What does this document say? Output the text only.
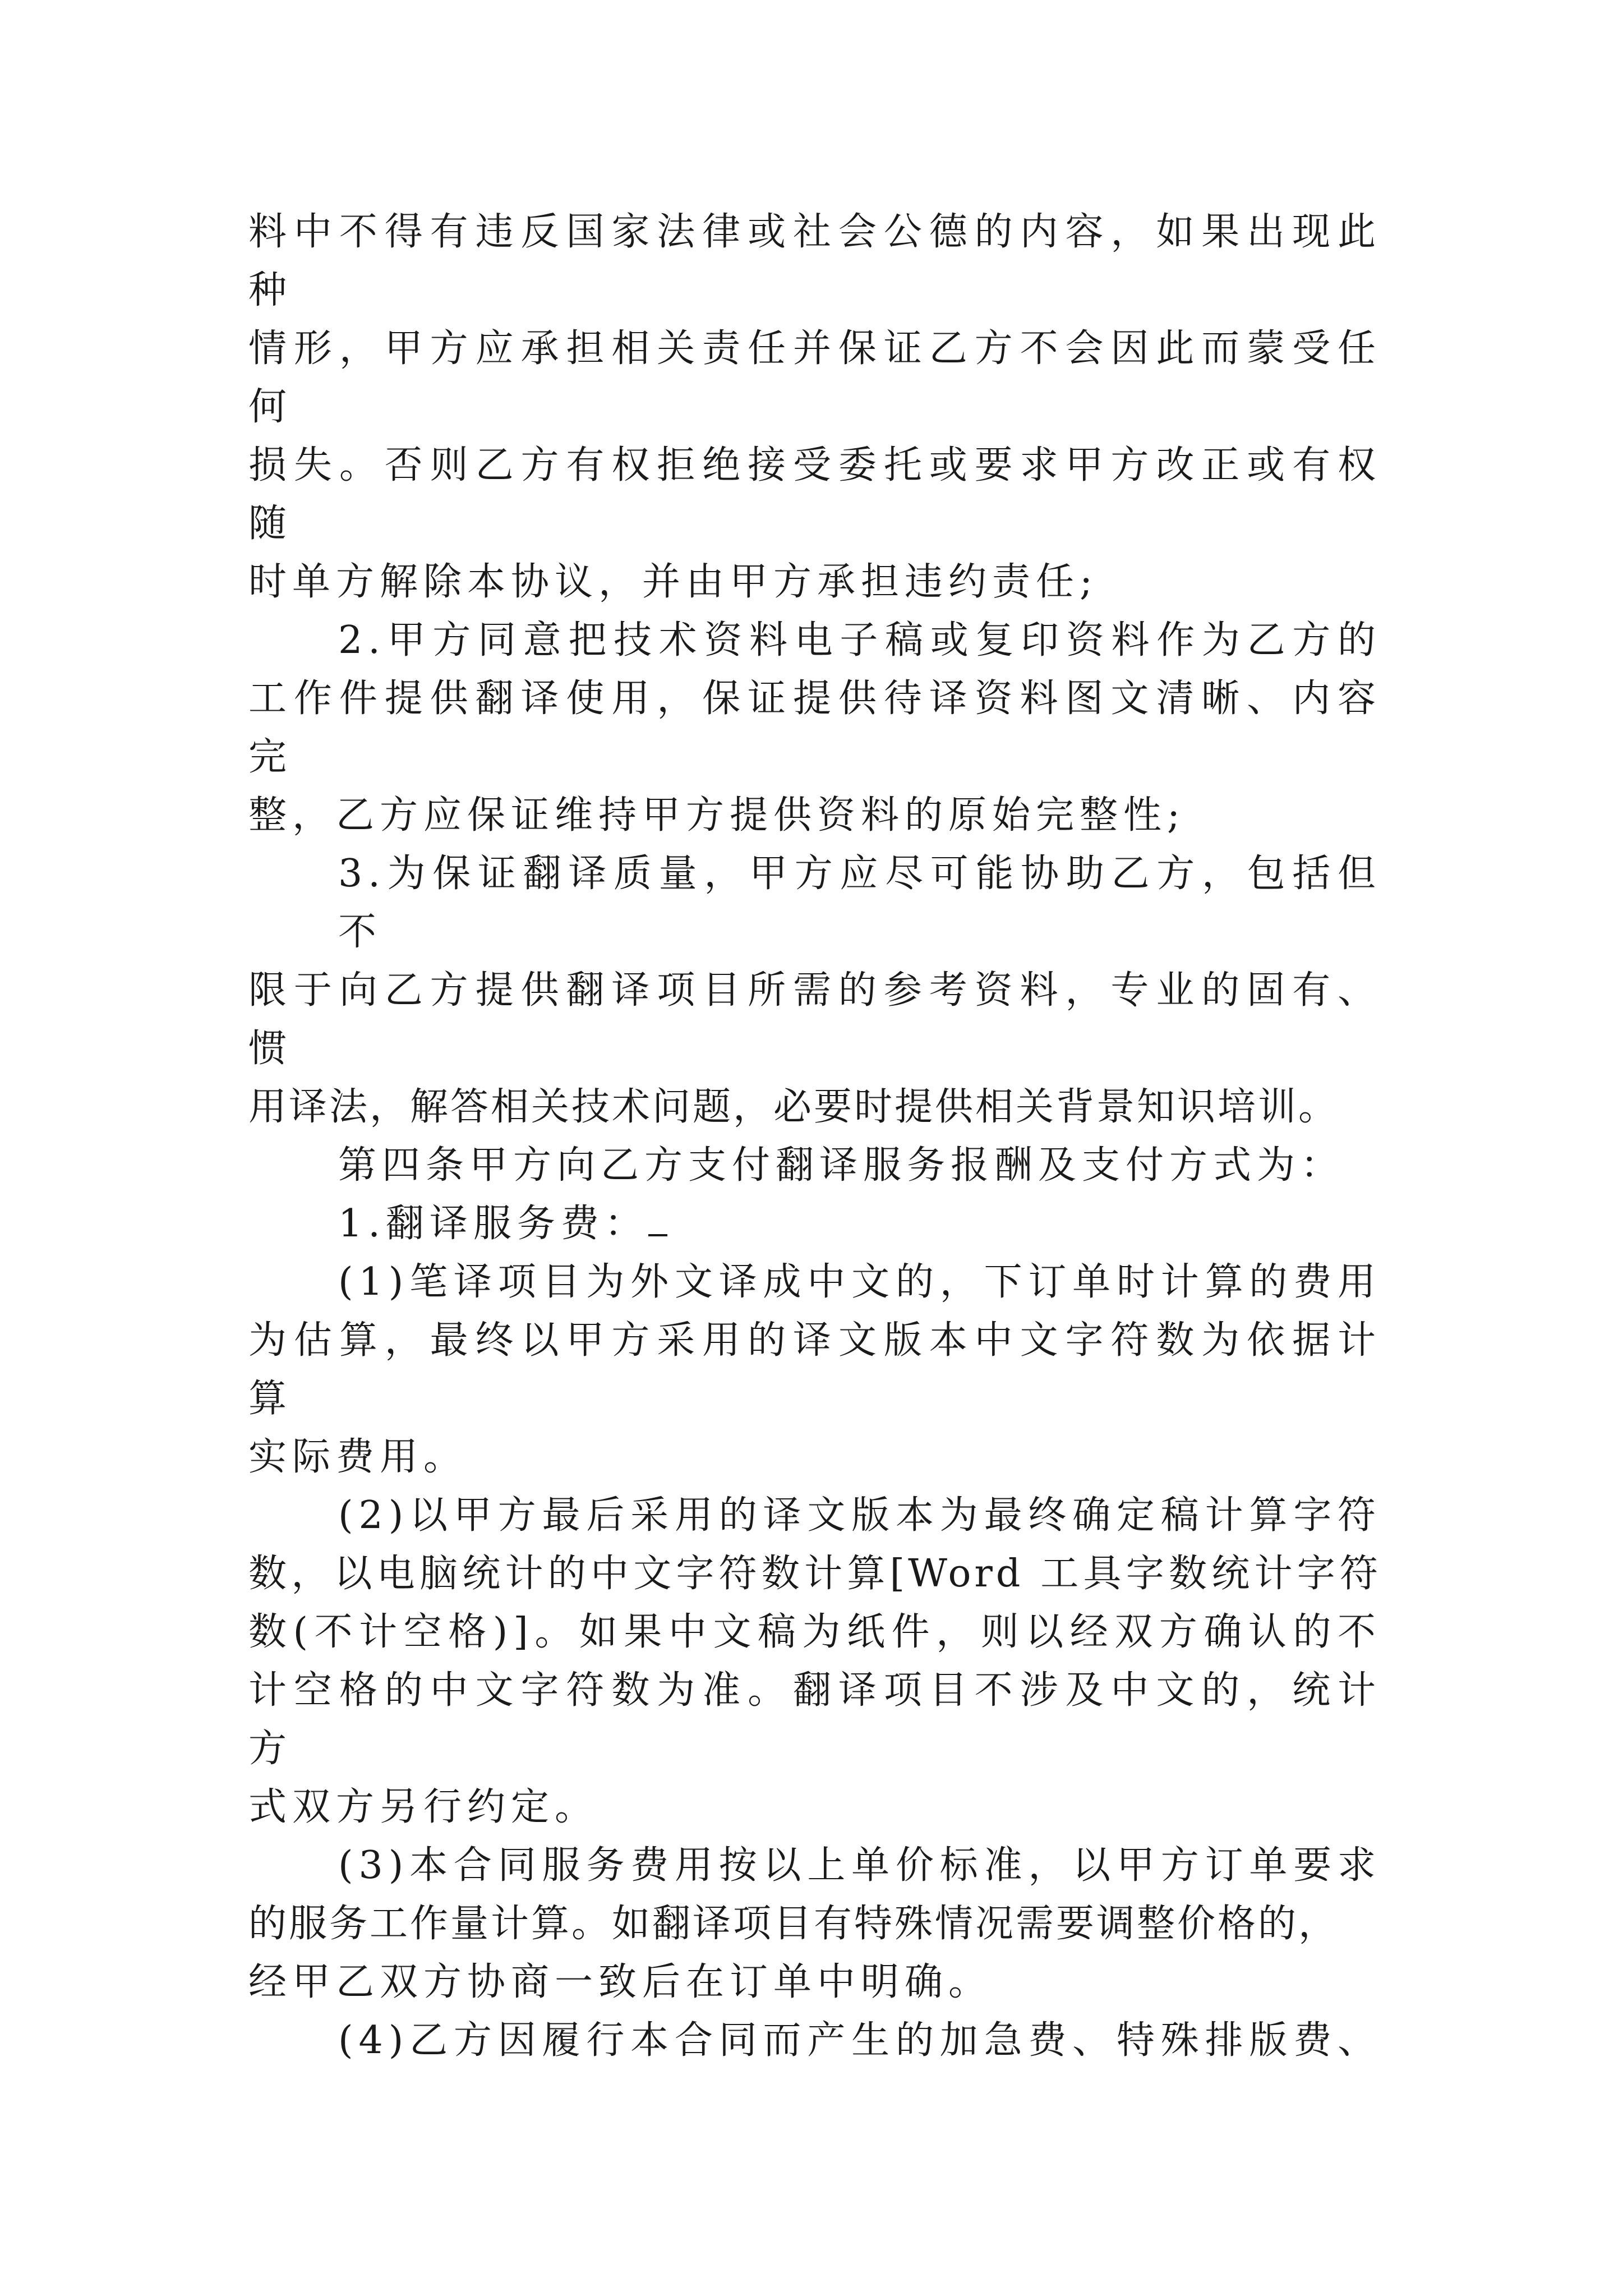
料中不得有违反国家法律或社会公德的内容，如果出现此种
情形，甲方应承担相关责任并保证乙方不会因此而蒙受任何
损失。否则乙方有权拒绝接受委托或要求甲方改正或有权随
时单方解除本协议，并由甲方承担违约责任;
2.甲方同意把技术资料电子稿或复印资料作为乙方的
工作件提供翻译使用，保证提供待译资料图文清晰、内容完
整，乙方应保证维持甲方提供资料的原始完整性;
3.为保证翻译质量，甲方应尽可能协助乙方，包括但不
限于向乙方提供翻译项目所需的参考资料，专业的固有、惯
用译法，解答相关技术问题，必要时提供相关背景知识培训。
第四条甲方向乙方支付翻译服务报酬及支付方式为：
1.翻译服务费：
(1)笔译项目为外文译成中文的，下订单时计算的费用
为估算，最终以甲方采用的译文版本中文字符数为依据计算
实际费用。
(2)以甲方最后采用的译文版本为最终确定稿计算字符
数，以电脑统计的中文字符数计算[Word 工具字数统计字符
数(不计空格)]。如果中文稿为纸件，则以经双方确认的不
计空格的中文字符数为准。翻译项目不涉及中文的，统计方
式双方另行约定。
(3)本合同服务费用按以上单价标准，以甲方订单要求
的服务工作量计算。如翻译项目有特殊情况需要调整价格的，
经甲乙双方协商一致后在订单中明确。
(4)乙方因履行本合同而产生的加急费、特殊排版费、
